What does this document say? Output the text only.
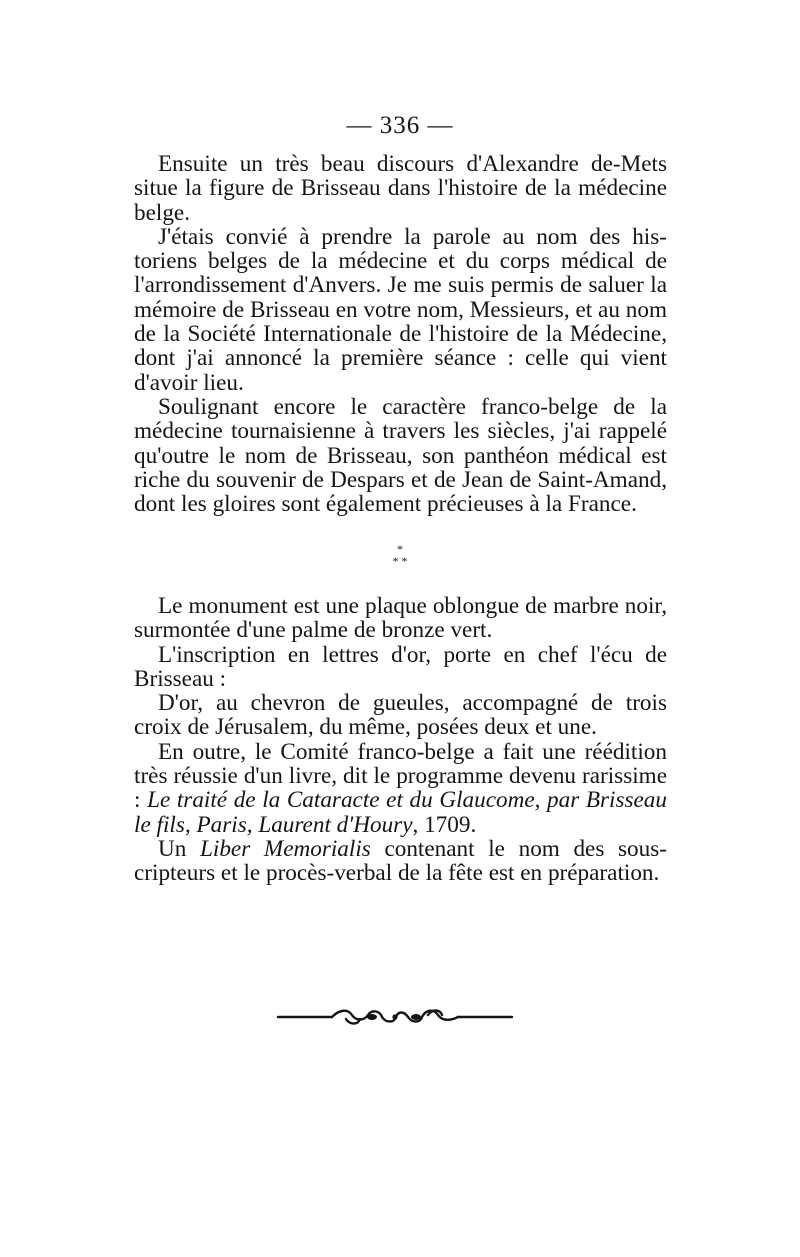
— 336 —

Ensuite un très beau discours d'Alexandre de-Mets situe la figure de Brisseau dans l'histoire de la médecine belge.

J'étais convié à prendre la parole au nom des historiens belges de la médecine et du corps médical de l'arrondissement d'Anvers. Je me suis permis de saluer la mémoire de Brisseau en votre nom, Messieurs, et au nom de la Société Internationale de l'histoire de la Médecine, dont j'ai annoncé la première séance : celle qui vient d'avoir lieu.

Soulignant encore le caractère franco-belge de la médecine tournaisienne à travers les siècles, j'ai rappelé qu'outre le nom de Brisseau, son panthéon médical est riche du souvenir de Despars et de Jean de Saint-Amand, dont les gloires sont également précieuses à la France.

*
* *

Le monument est une plaque oblongue de marbre noir, surmontée d'une palme de bronze vert.

L'inscription en lettres d'or, porte en chef l'écu de Brisseau :

D'or, au chevron de gueules, accompagné de trois croix de Jérusalem, du même, posées deux et une.

En outre, le Comité franco-belge a fait une réédition très réussie d'un livre, dit le programme devenu rarissime : Le traité de la Cataracte et du Glaucome, par Brisseau le fils, Paris, Laurent d'Houry, 1709.

Un Liber Memorialis contenant le nom des souscripteurs et le procès-verbal de la fête est en préparation.
